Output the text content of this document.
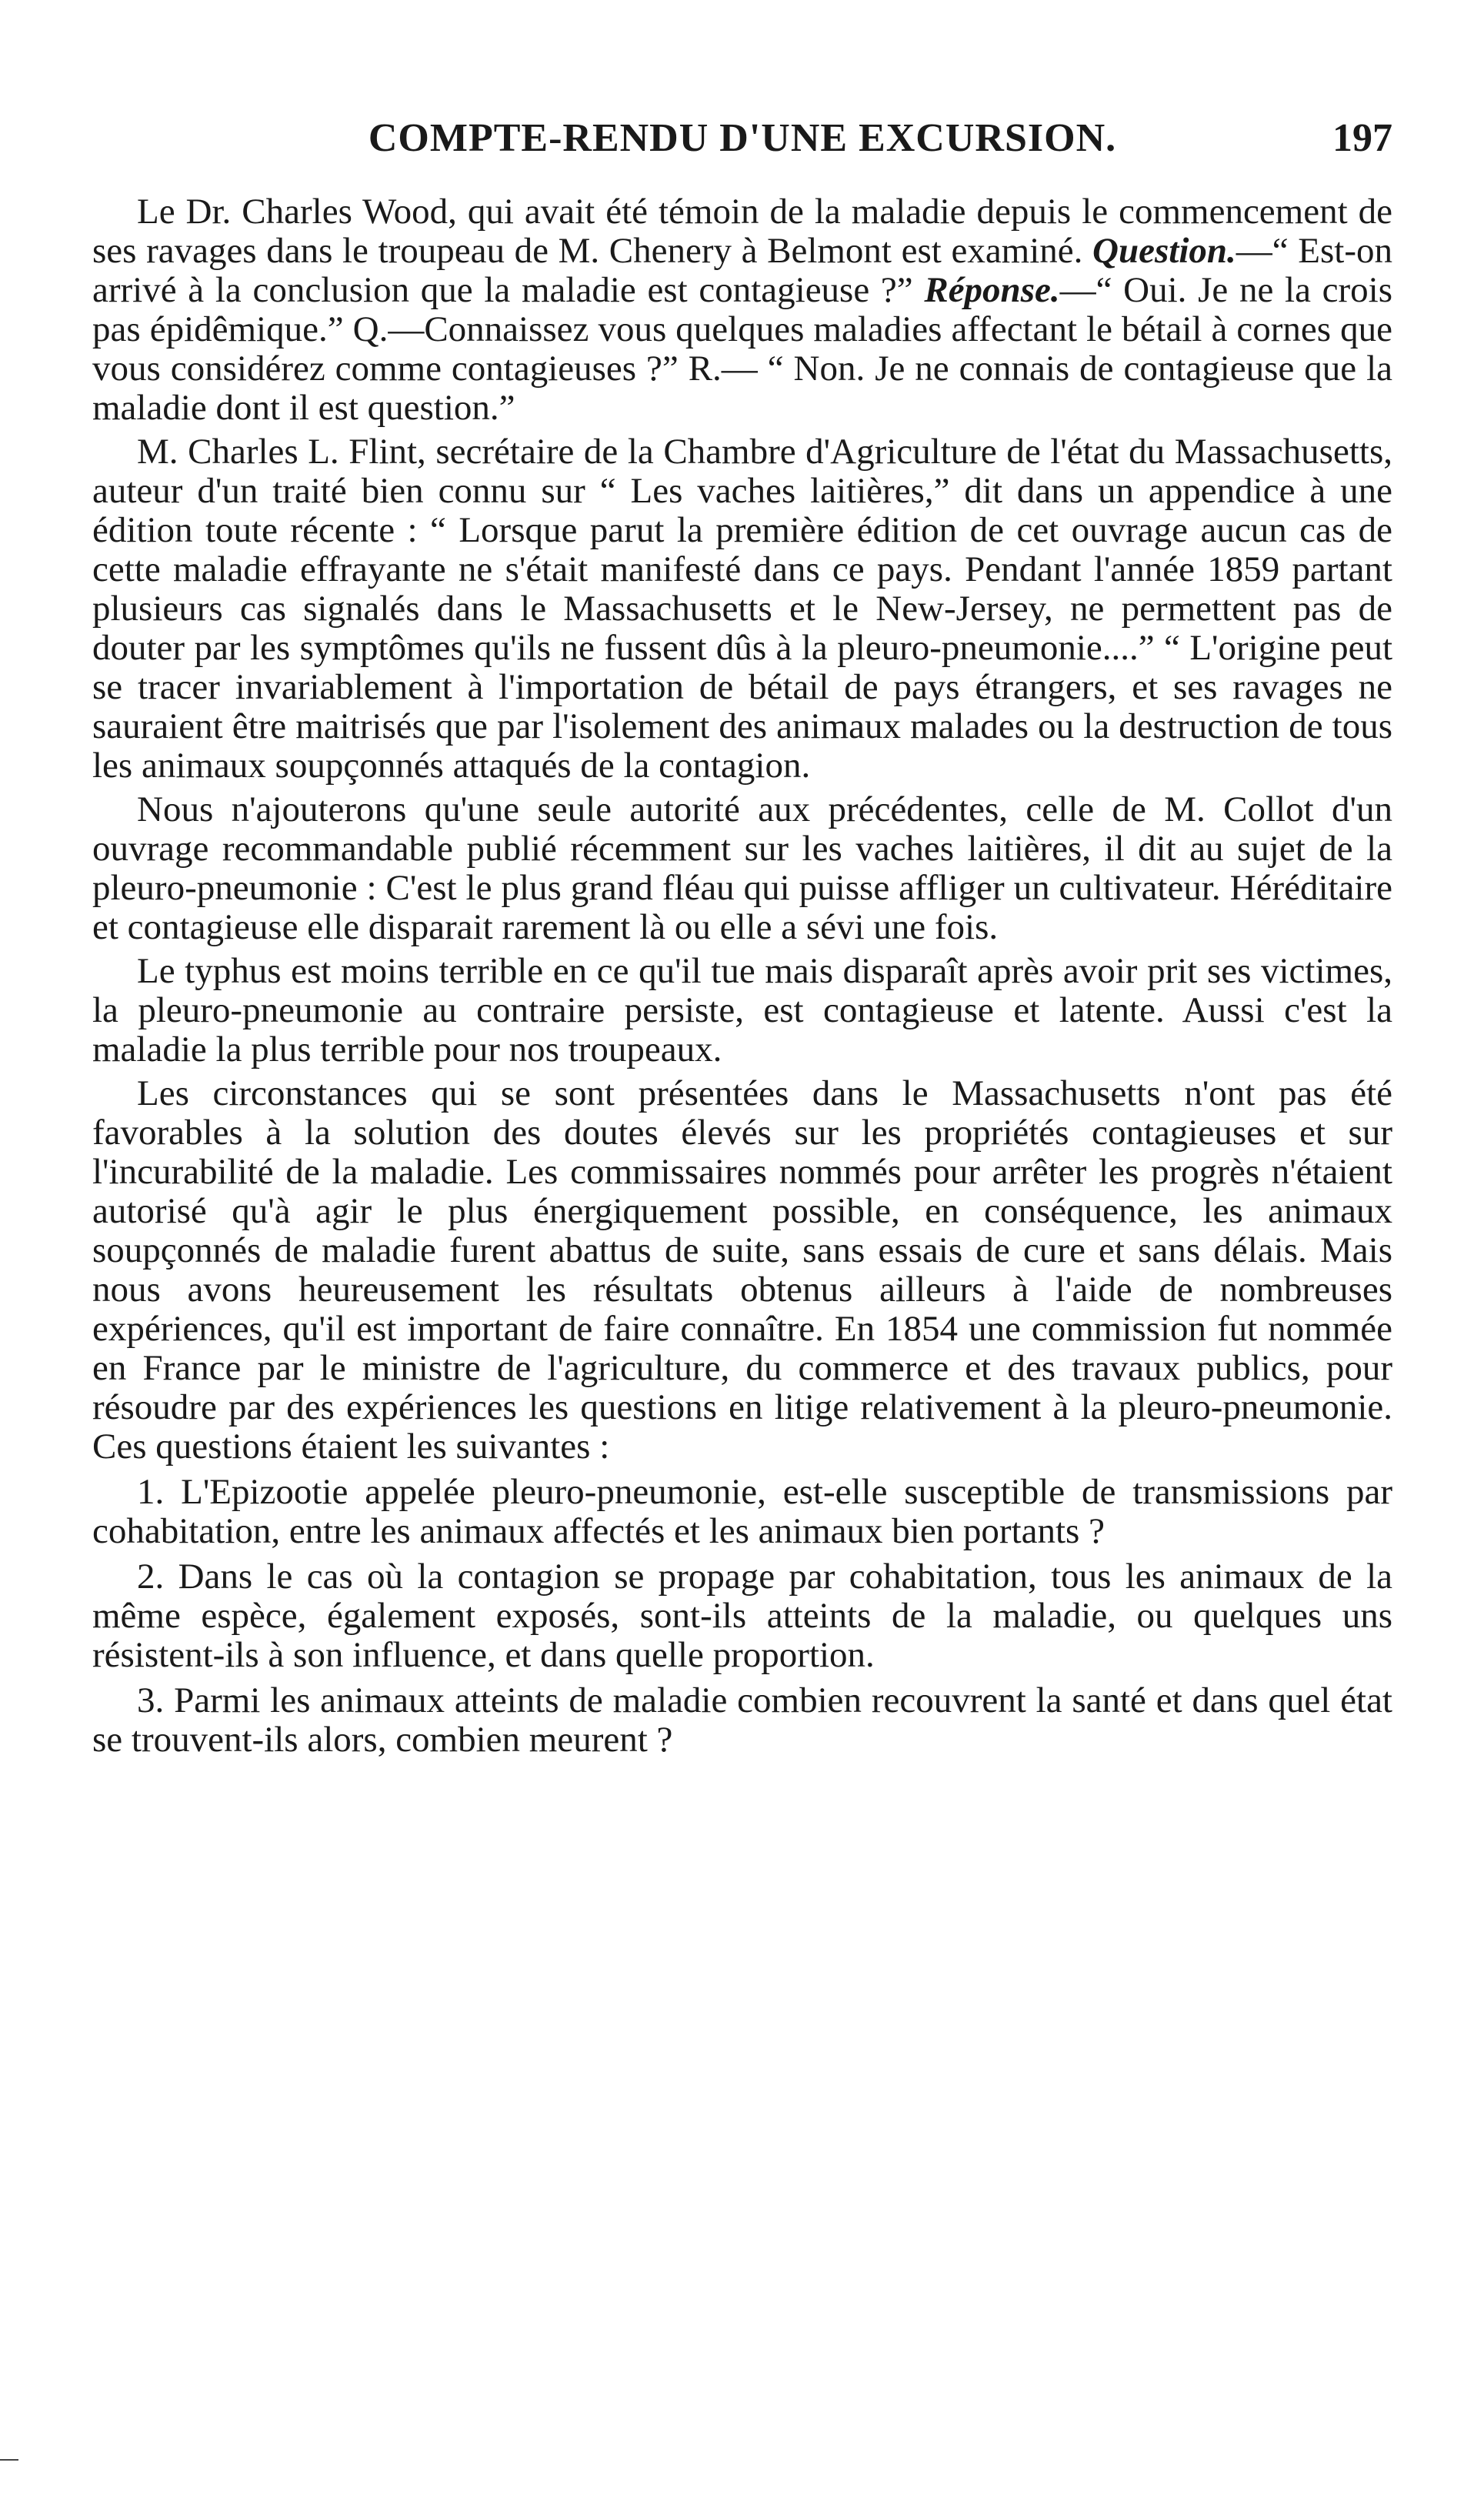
COMPTE-RENDU D'UNE EXCURSION.	197

Le Dr. Charles Wood, qui avait été témoin de la maladie depuis le commencement de ses ravages dans le troupeau de M. Chenery à Belmont est examiné. Question.—“ Est-on arrivé à la conclusion que la maladie est contagieuse ?” Réponse.—“ Oui. Je ne la crois pas épidêmique.” Q.—Connaissez vous quelques maladies affectant le bétail à cornes que vous considérez comme contagieuses ?” R.— “ Non. Je ne connais de contagieuse que la maladie dont il est question.”

M. Charles L. Flint, secrétaire de la Chambre d'Agriculture de l'état du Massachusetts, auteur d'un traité bien connu sur “ Les vaches laitières,” dit dans un appendice à une édition toute récente : “ Lorsque parut la première édition de cet ouvrage aucun cas de cette maladie effrayante ne s'était manifesté dans ce pays. Pendant l'année 1859 partant plusieurs cas signalés dans le Massachusetts et le New-Jersey, ne permettent pas de douter par les symptômes qu'ils ne fussent dûs à la pleuro-pneumonie....” “ L'origine peut se tracer invariablement à l'importation de bétail de pays étrangers, et ses ravages ne sauraient être maitrisés que par l'isolement des animaux malades ou la destruction de tous les animaux soupçonnés attaqués de la contagion.

Nous n'ajouterons qu'une seule autorité aux précédentes, celle de M. Collot d'un ouvrage recommandable publié récemment sur les vaches laitières, il dit au sujet de la pleuro-pneumonie : C'est le plus grand fléau qui puisse affliger un cultivateur. Héréditaire et contagieuse elle disparait rarement là ou elle a sévi une fois.

Le typhus est moins terrible en ce qu'il tue mais disparaît après avoir prit ses victimes, la pleuro-pneumonie au contraire persiste, est contagieuse et latente. Aussi c'est la maladie la plus terrible pour nos troupeaux.

Les circonstances qui se sont présentées dans le Massachusetts n'ont pas été favorables à la solution des doutes élevés sur les propriétés contagieuses et sur l'incurabilité de la maladie. Les commissaires nommés pour arrêter les progrès n'étaient autorisé qu'à agir le plus énergiquement possible, en conséquence, les animaux soupçonnés de maladie furent abattus de suite, sans essais de cure et sans délais. Mais nous avons heureusement les résultats obtenus ailleurs à l'aide de nombreuses expériences, qu'il est important de faire connaître. En 1854 une commission fut nommée en France par le ministre de l'agriculture, du commerce et des travaux publics, pour résoudre par des expériences les questions en litige relativement à la pleuro-pneumonie. Ces questions étaient les suivantes :

1. L'Epizootie appelée pleuro-pneumonie, est-elle susceptible de transmissions par cohabitation, entre les animaux affectés et les animaux bien portants ?

2. Dans le cas où la contagion se propage par cohabitation, tous les animaux de la même espèce, également exposés, sont-ils atteints de la maladie, ou quelques uns résistent-ils à son influence, et dans quelle proportion.

3. Parmi les animaux atteints de maladie combien recouvrent la santé et dans quel état se trouvent-ils alors, combien meurent ?
